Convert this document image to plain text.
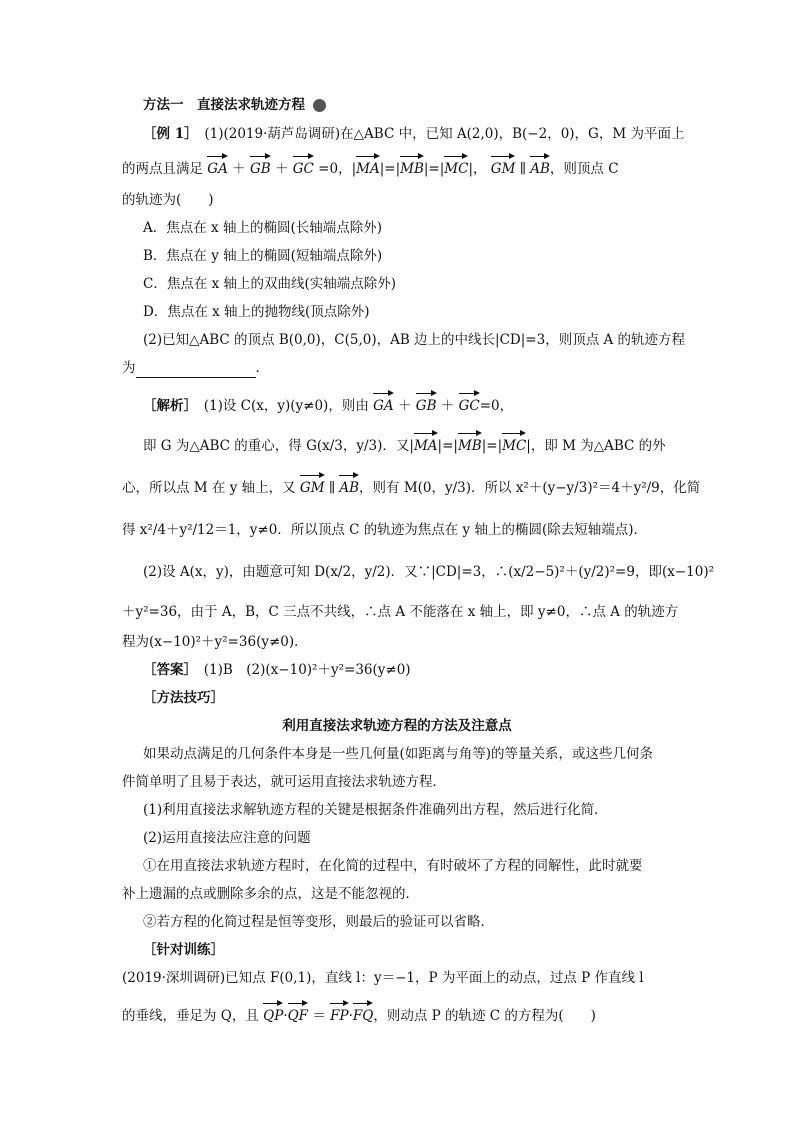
方法一　直接法求轨迹方程
［例 1］　 (1)(2019·葫芦岛调研)在△ABC 中，已知 A(2,0)，B(−2，0)，G，M 为平面上
的两点且满足 GA ＋ GB ＋ GC =0，|MA|=|MB|=|MC|， GM ∥ AB，则顶点 C
的轨迹为(　　)
A．焦点在 x 轴上的椭圆(长轴端点除外)
B．焦点在 y 轴上的椭圆(短轴端点除外)
C．焦点在 x 轴上的双曲线(实轴端点除外)
D．焦点在 x 轴上的抛物线(顶点除外)
(2)已知△ABC 的顶点 B(0,0)，C(5,0)，AB 边上的中线长|CD|=3，则顶点 A 的轨迹方程
为	．
［解析］　 (1)设 C(x，y)(y≠0)，则由 GA ＋ GB ＋ GC=0，
即 G 为△ABC 的重心，得 G(x/3，y/3)．又|MA|=|MB|=|MC|，即 M 为△ABC 的外
心，所以点 M 在 y 轴上，又 GM ∥ AB，则有 M(0，y/3)．所以 x²＋(y−y/3)²＝4＋y²/9，化简
得 x²/4＋y²/12＝1，y≠0．所以顶点 C 的轨迹为焦点在 y 轴上的椭圆(除去短轴端点)．
(2)设 A(x，y)，由题意可知 D(x/2，y/2)．又∵|CD|=3，∴(x/2−5)²＋(y/2)²=9，即(x−10)²
＋y²=36，由于 A，B，C 三点不共线，∴点 A 不能落在 x 轴上，即 y≠0，∴点 A 的轨迹方
程为(x−10)²＋y²=36(y≠0)．
［答案］　 (1)B　(2)(x−10)²＋y²=36(y≠0)
［方法技巧］
利用直接法求轨迹方程的方法及注意点
如果动点满足的几何条件本身是一些几何量(如距离与角等)的等量关系，或这些几何条
件简单明了且易于表达，就可运用直接法求轨迹方程．
(1)利用直接法求解轨迹方程的关键是根据条件准确列出方程，然后进行化简．
(2)运用直接法应注意的问题
①在用直接法求轨迹方程时，在化简的过程中，有时破坏了方程的同解性，此时就要
补上遗漏的点或删除多余的点，这是不能忽视的．
②若方程的化简过程是恒等变形，则最后的验证可以省略．
［针对训练］
(2019·深圳调研)已知点 F(0,1)，直线 l：y＝−1，P 为平面上的动点，过点 P 作直线 l
的垂线，垂足为 Q，且 QP·QF ＝ FP·FQ，则动点 P 的轨迹 C 的方程为(　　)
